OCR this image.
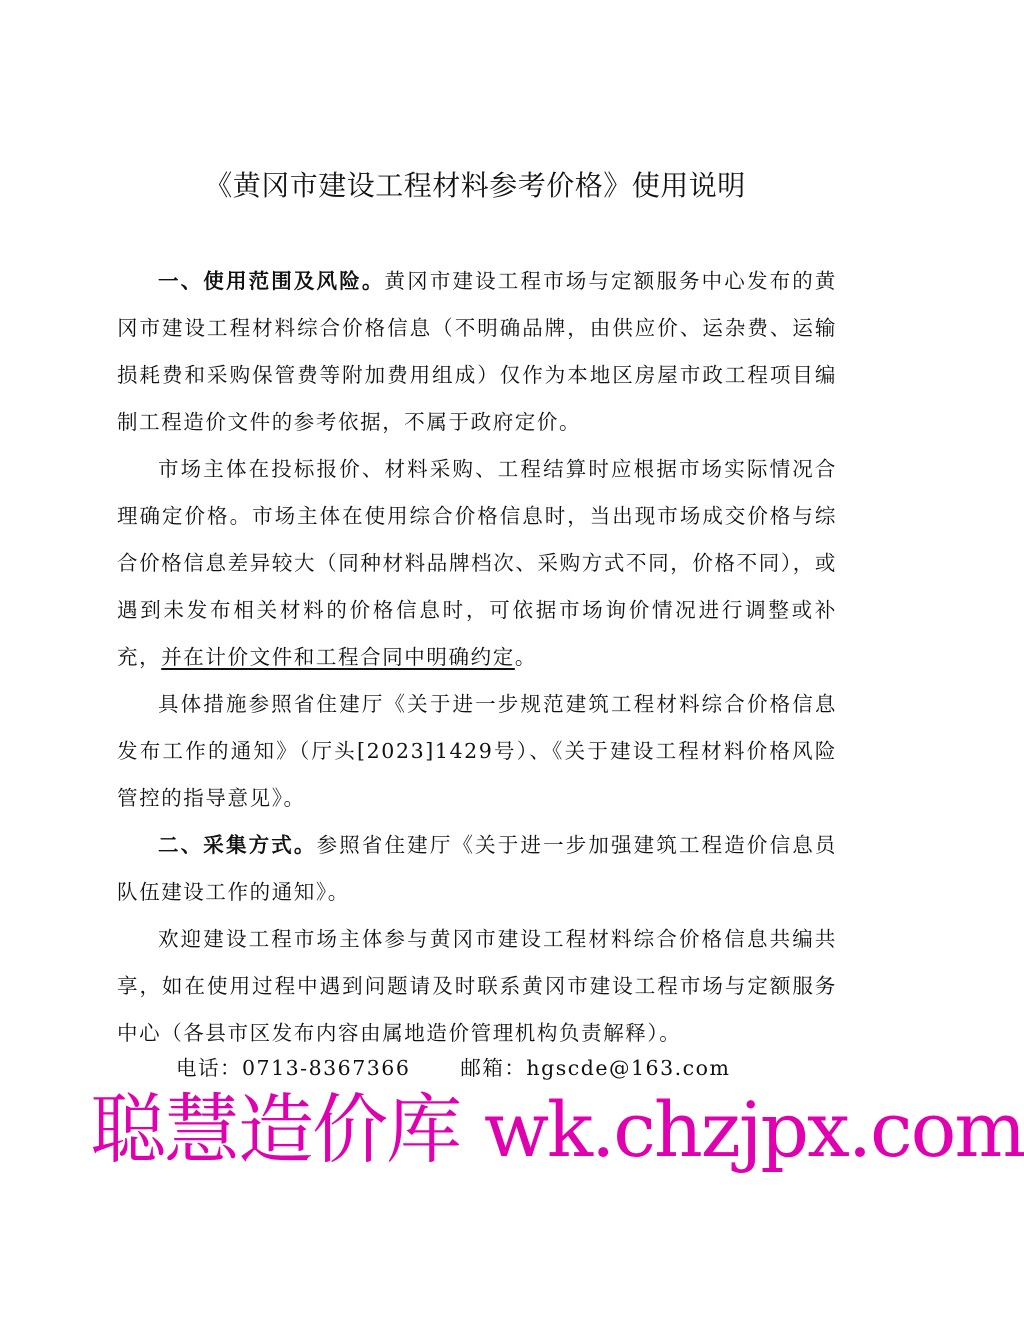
《黄冈市建设工程材料参考价格》使用说明

一、使用范围及风险。黄冈市建设工程市场与定额服务中心发布的黄冈市建设工程材料综合价格信息（不明确品牌，由供应价、运杂费、运输损耗费和采购保管费等附加费用组成）仅作为本地区房屋市政工程项目编制工程造价文件的参考依据，不属于政府定价。

市场主体在投标报价、材料采购、工程结算时应根据市场实际情况合理确定价格。市场主体在使用综合价格信息时，当出现市场成交价格与综合价格信息差异较大（同种材料品牌档次、采购方式不同，价格不同），或遇到未发布相关材料的价格信息时，可依据市场询价情况进行调整或补充，并在计价文件和工程合同中明确约定。

具体措施参照省住建厅《关于进一步规范建筑工程材料综合价格信息发布工作的通知》（厅头[2023]1429号）、《关于建设工程材料价格风险管控的指导意见》。

二、采集方式。参照省住建厅《关于进一步加强建筑工程造价信息员队伍建设工作的通知》。

欢迎建设工程市场主体参与黄冈市建设工程材料综合价格信息共编共享，如在使用过程中遇到问题请及时联系黄冈市建设工程市场与定额服务中心（各县市区发布内容由属地造价管理机构负责解释）。

电话：0713-8367366 邮箱：hgscde@163.com
聪慧造价库 wk.chzjpx.com
